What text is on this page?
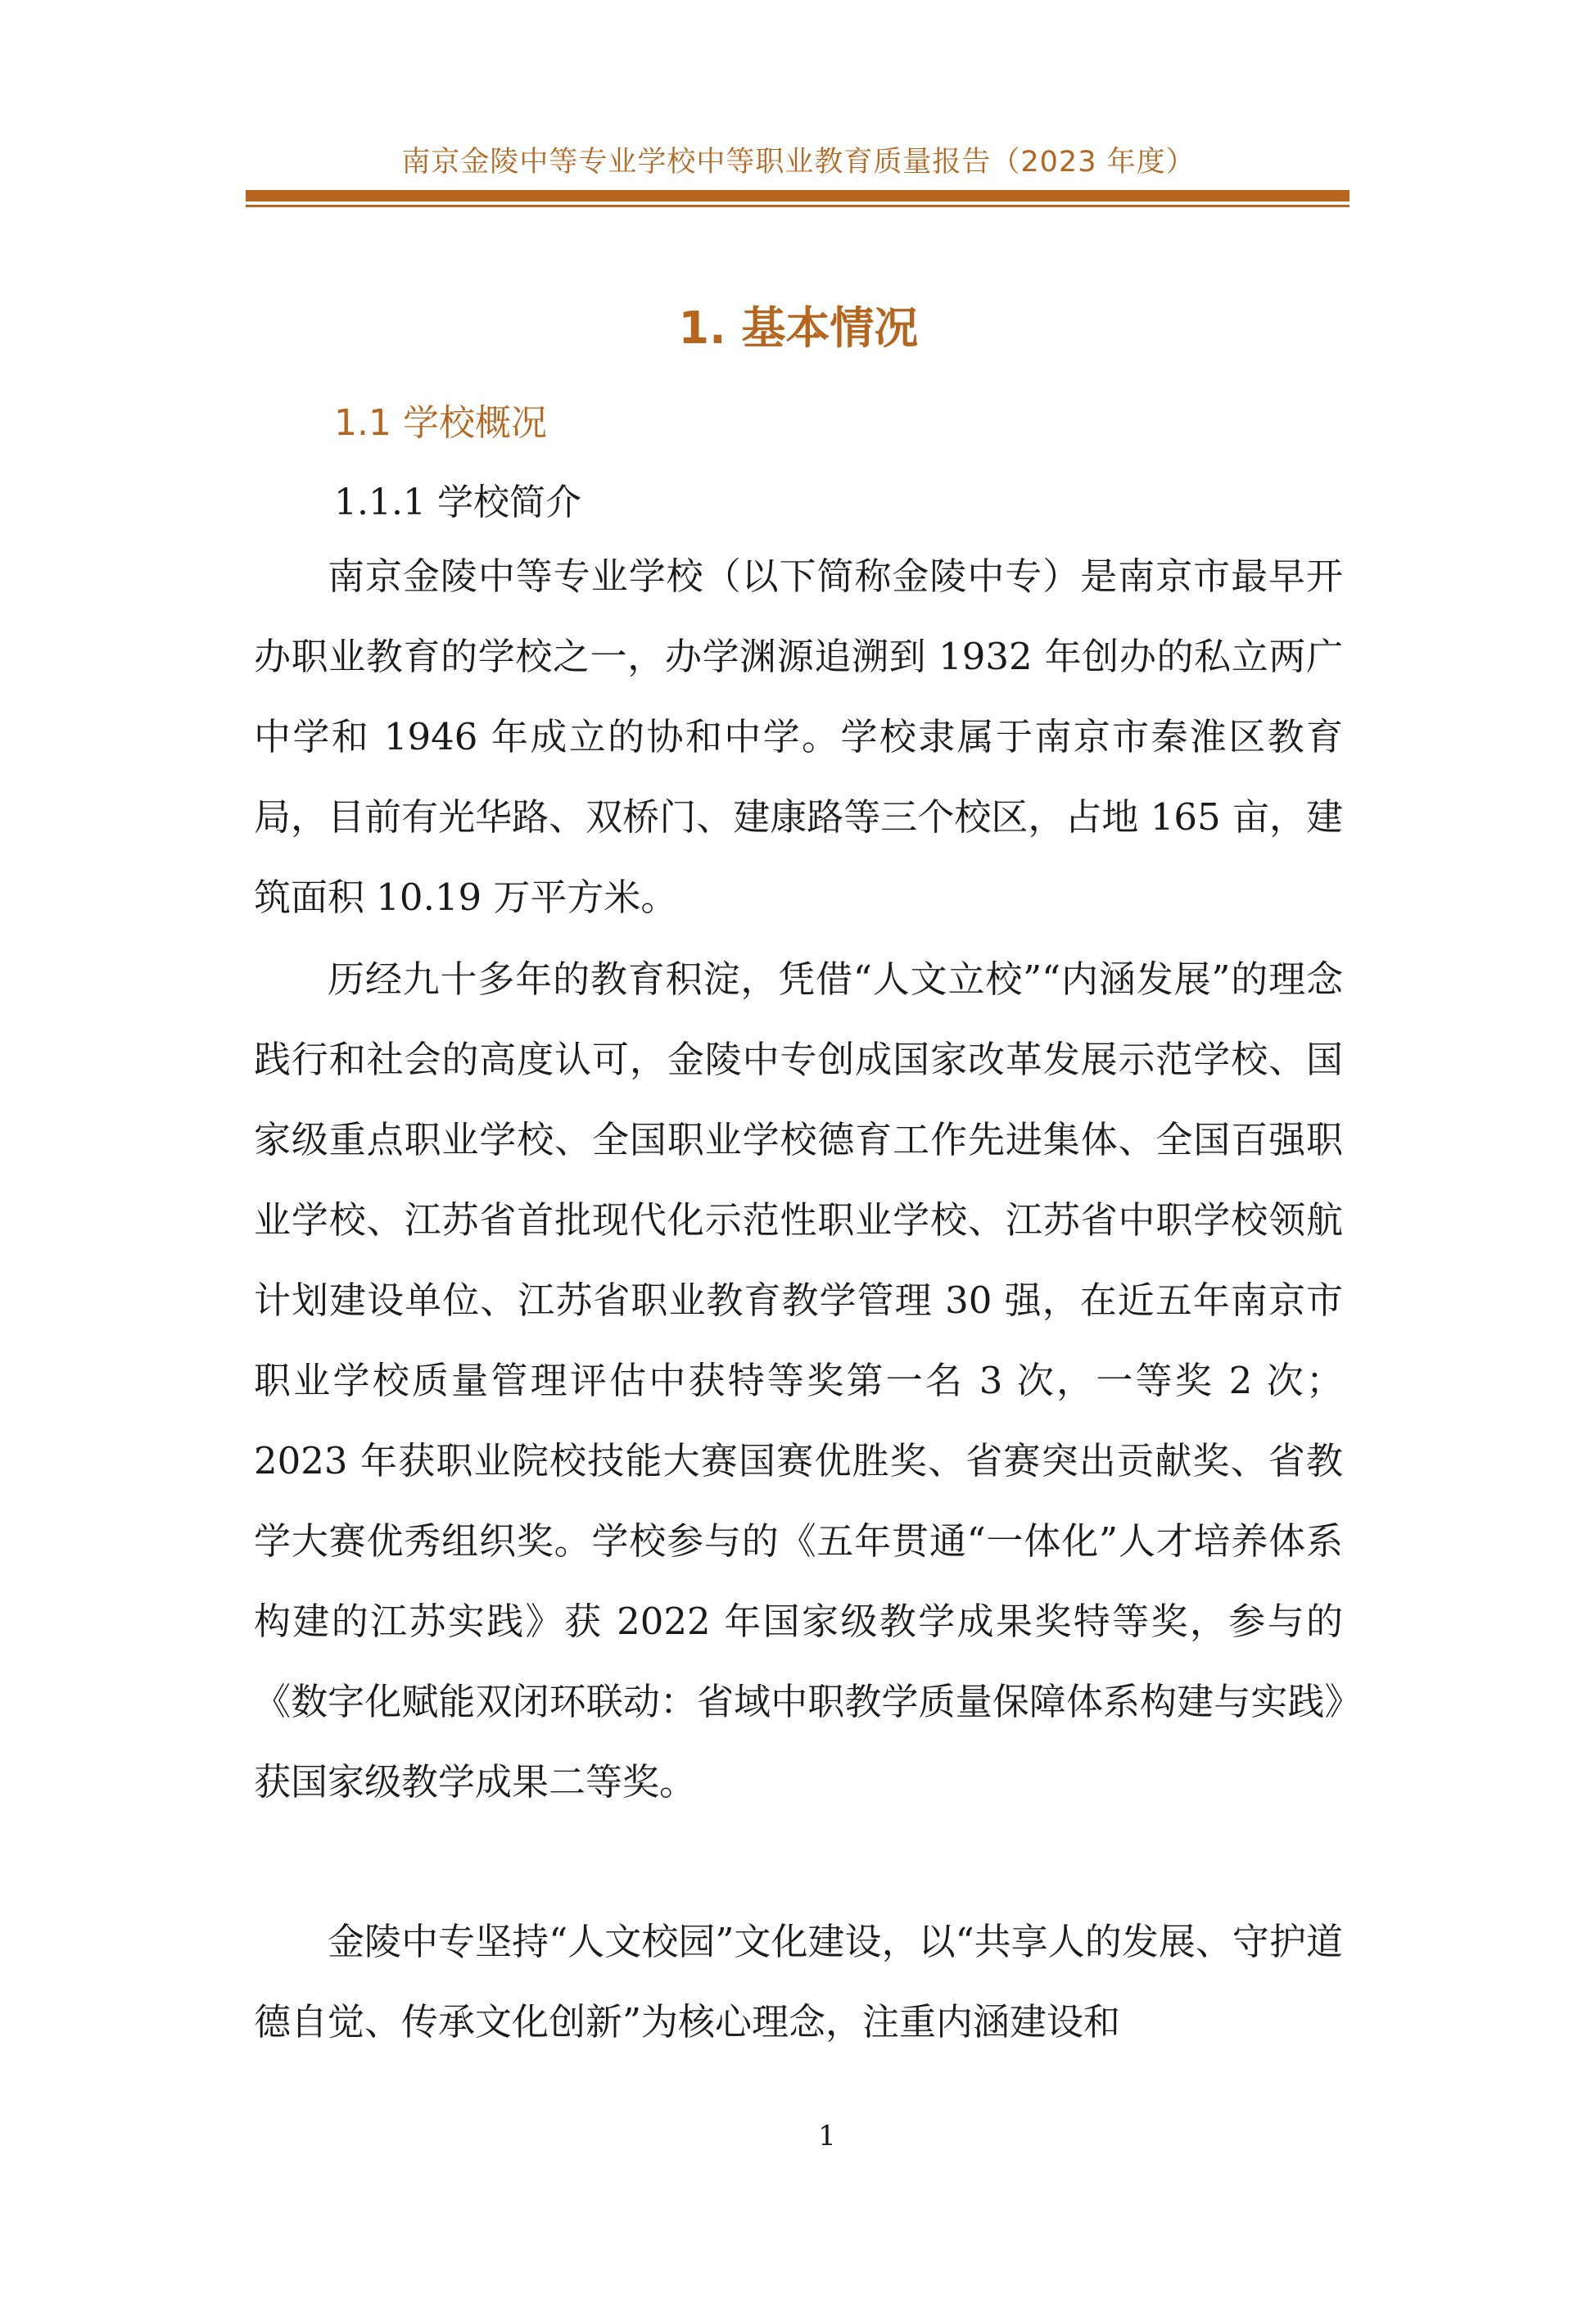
南京金陵中等专业学校中等职业教育质量报告（2023 年度）
1. 基本情况
1.1 学校概况
1.1.1 学校简介

南京金陵中等专业学校（以下简称金陵中专）是南京市最早开办职业教育的学校之一，办学渊源追溯到 1932 年创办的私立两广中学和 1946 年成立的协和中学。学校隶属于南京市秦淮区教育局，目前有光华路、双桥门、建康路等三个校区，占地 165 亩，建筑面积 10.19 万平方米。

历经九十多年的教育积淀，凭借“人文立校”“内涵发展”的理念践行和社会的高度认可，金陵中专创成国家改革发展示范学校、国家级重点职业学校、全国职业学校德育工作先进集体、全国百强职业学校、江苏省首批现代化示范性职业学校、江苏省中职学校领航计划建设单位、江苏省职业教育教学管理 30 强，在近五年南京市职业学校质量管理评估中获特等奖第一名 3 次，一等奖 2 次；2023 年获职业院校技能大赛国赛优胜奖、省赛突出贡献奖、省教学大赛优秀组织奖。学校参与的《五年贯通“一体化”人才培养体系构建的江苏实践》获 2022 年国家级教学成果奖特等奖，参与的《数字化赋能双闭环联动：省域中职教学质量保障体系构建与实践》获国家级教学成果二等奖。

金陵中专坚持“人文校园”文化建设，以“共享人的发展、守护道德自觉、传承文化创新”为核心理念，注重内涵建设和

1
